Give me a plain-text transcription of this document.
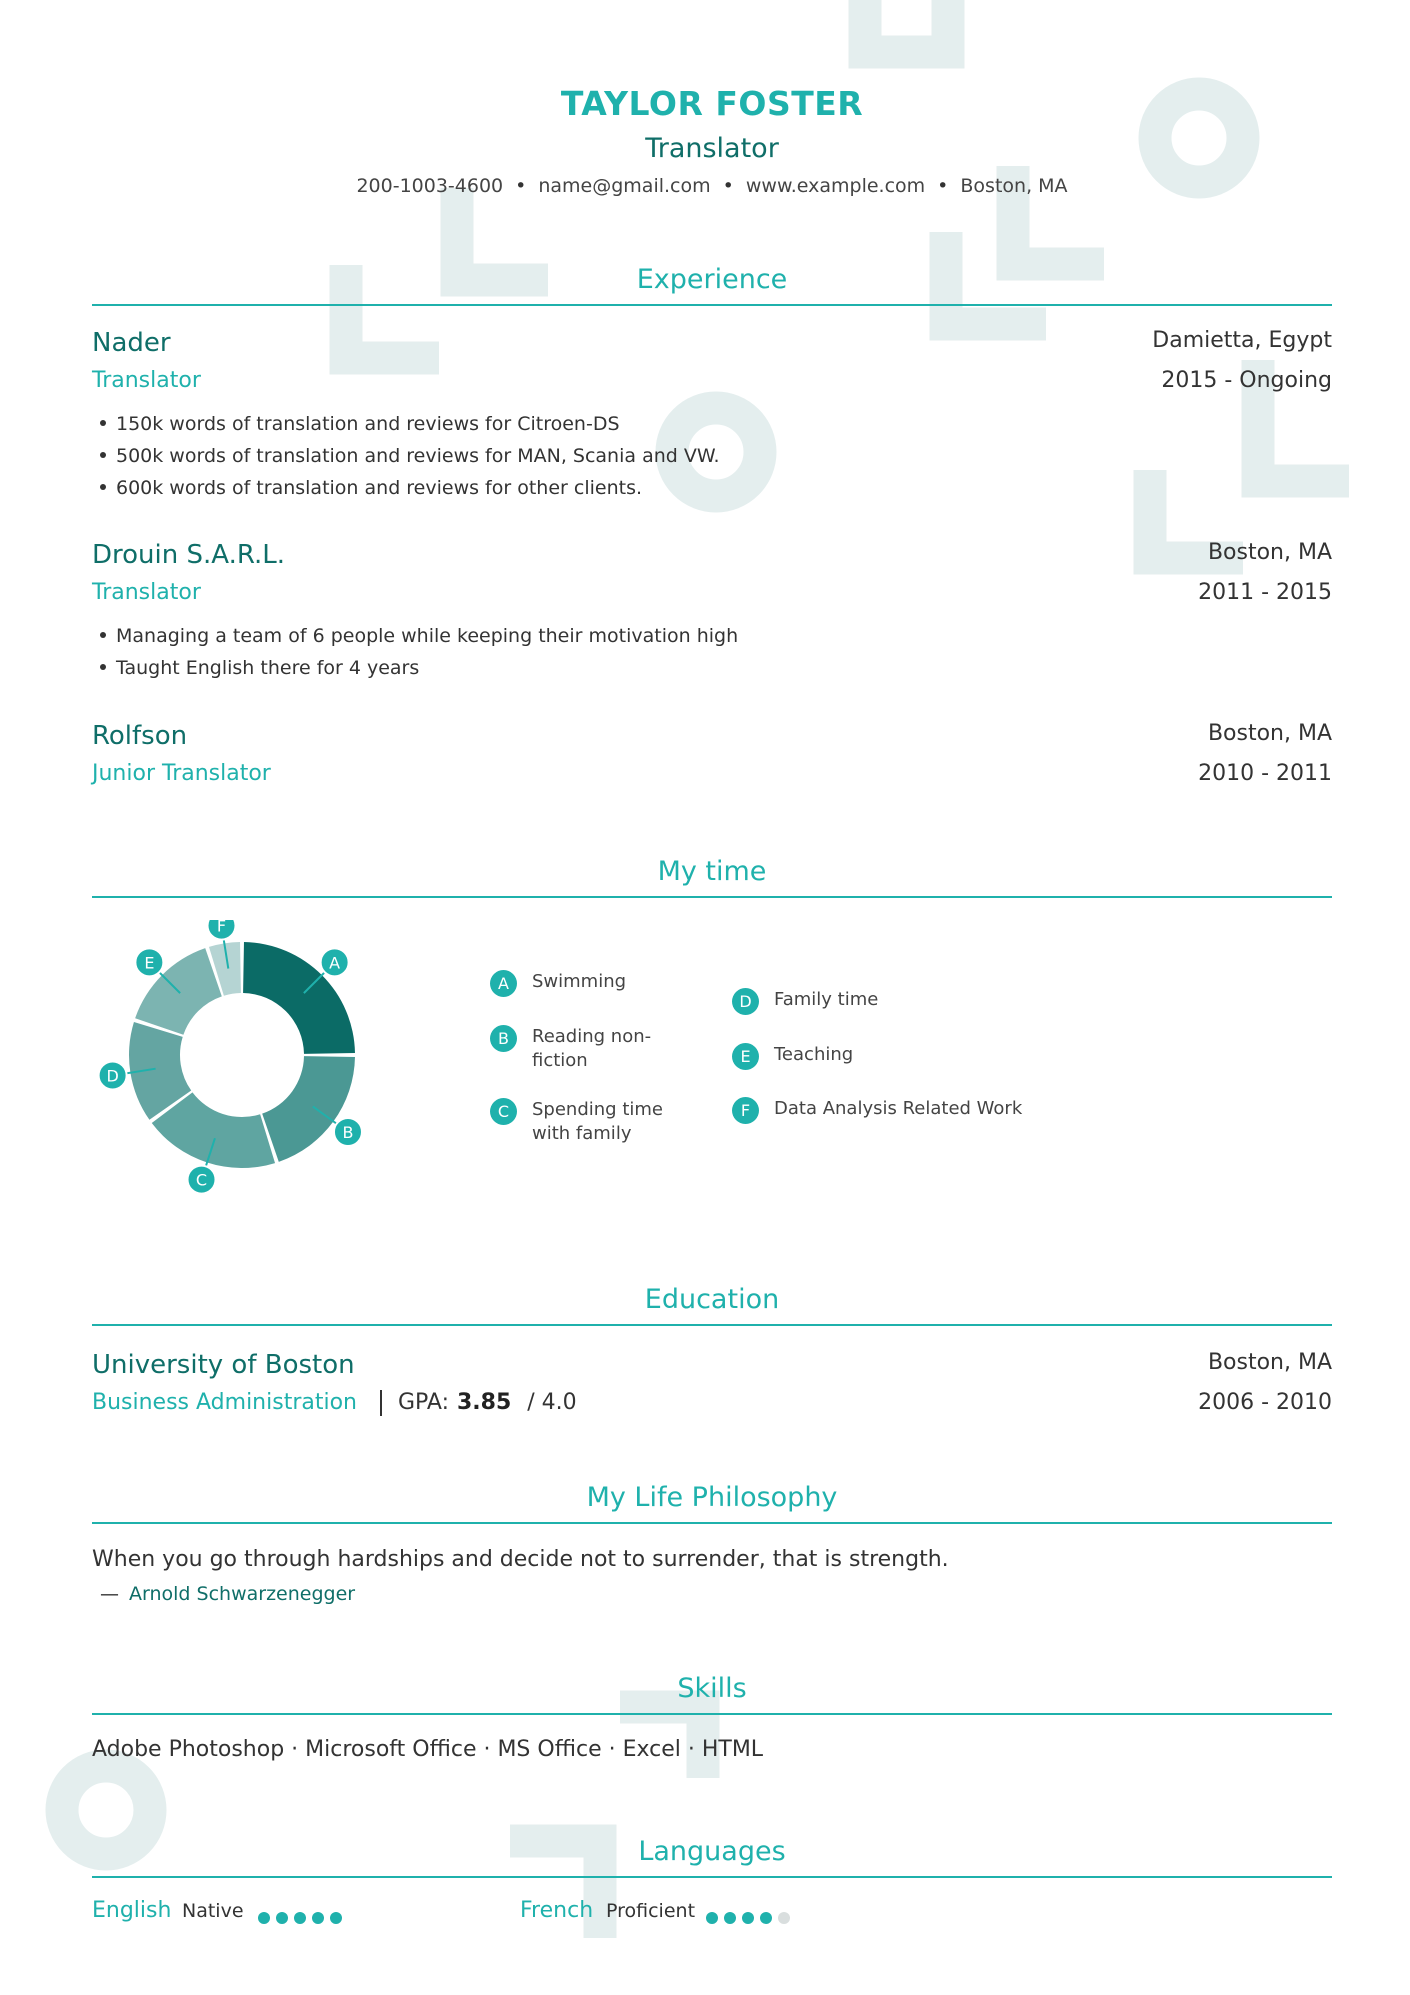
TAYLOR FOSTER
Translator
200-1003-4600 • name@gmail.com • www.example.com • Boston, MA
Experience
Nader	Damietta, Egypt
Translator	2015 - Ongoing
150k words of translation and reviews for Citroen-DS
500k words of translation and reviews for MAN, Scania and VW.
600k words of translation and reviews for other clients.
Drouin S.A.R.L.	Boston, MA
Translator	2011 - 2015
Managing a team of 6 people while keeping their motivation high
Taught English there for 4 years
Rolfson	Boston, MA
Junior Translator	2010 - 2011
My time
A
B
C
D
E
F
A	Swimming
B	Reading non-fiction
C	Spending time with family
D	Family time
E	Teaching
F	Data Analysis Related Work
Education
University of Boston	Boston, MA
Business Administration	GPA: 3.85 / 4.0	2006 - 2010
My Life Philosophy
When you go through hardships and decide not to surrender, that is strength.
— Arnold Schwarzenegger
Skills
Adobe Photoshop · Microsoft Office · MS Office · Excel · HTML
Languages
English Native	French Proficient
